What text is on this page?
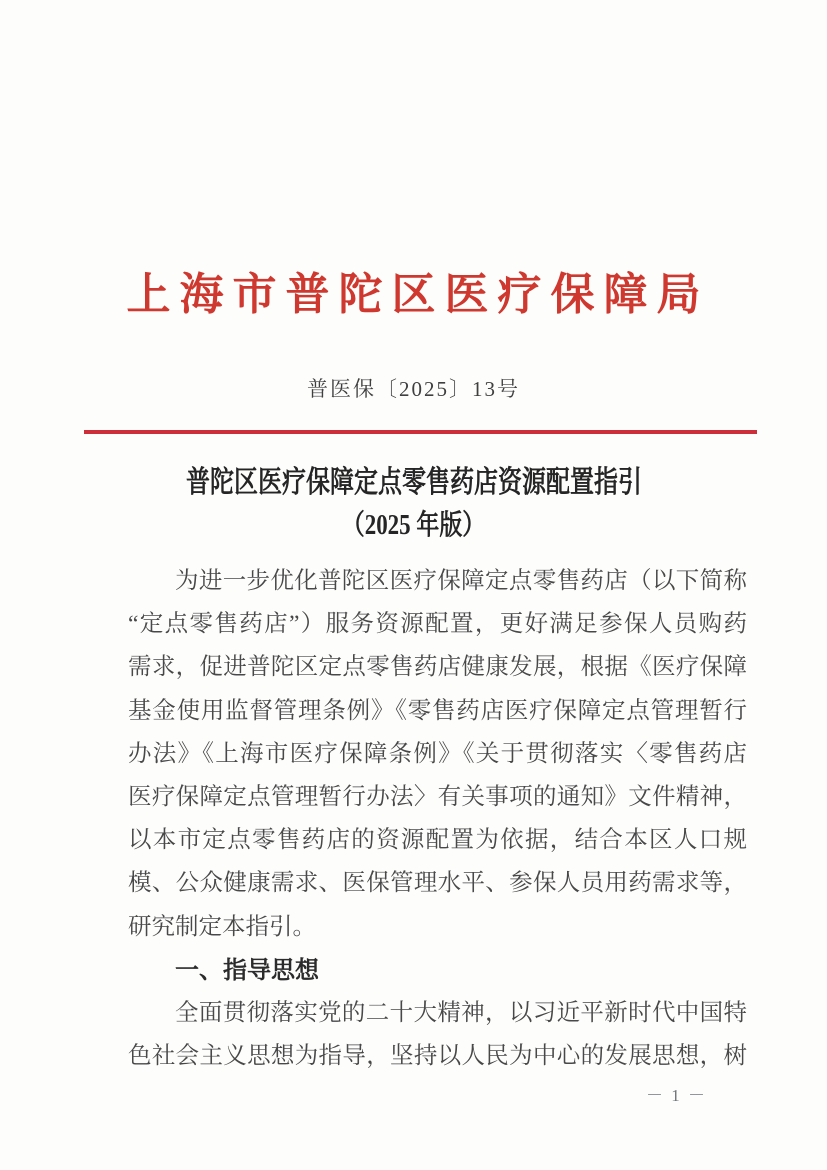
上海市普陀区医疗保障局
普医保〔2025〕13号
普陀区医疗保障定点零售药店资源配置指引
（2025 年版）
为进一步优化普陀区医疗保障定点零售药店（以下简称
“定点零售药店”）服务资源配置，更好满足参保人员购药
需求，促进普陀区定点零售药店健康发展，根据《医疗保障
基金使用监督管理条例》《零售药店医疗保障定点管理暂行
办法》《上海市医疗保障条例》《关于贯彻落实〈零售药店
医疗保障定点管理暂行办法〉有关事项的通知》文件精神，
以本市定点零售药店的资源配置为依据，结合本区人口规
模、公众健康需求、医保管理水平、参保人员用药需求等，
研究制定本指引。
一、指导思想
全面贯彻落实党的二十大精神，以习近平新时代中国特
色社会主义思想为指导，坚持以人民为中心的发展思想，树
－ 1 －
